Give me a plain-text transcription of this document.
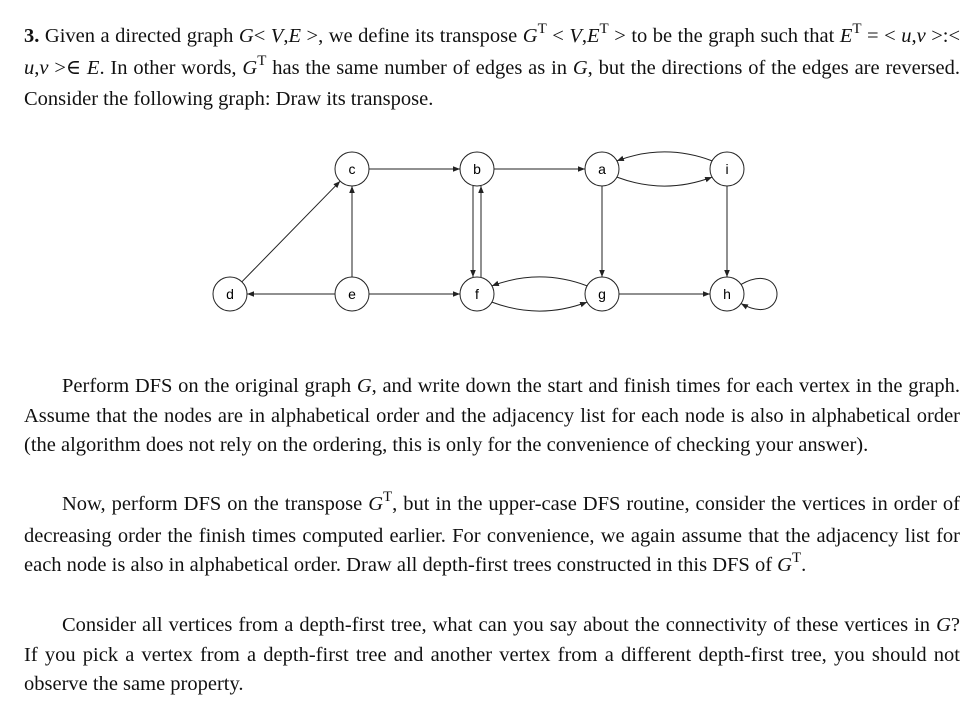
3. Given a directed graph G< V,E >, we define its transpose $G^T < V,E^T$ > to be the graph such that $E^T$ = < u,v >:< u,v >∈ E. In other words, $G^T$ has the same number of edges as in G, but the directions of the edges are reversed. Consider the following graph: Draw its transpose.

c	b	a	i
d	e	f	g	h

Perform DFS on the original graph G, and write down the start and finish times for each vertex in the graph. Assume that the nodes are in alphabetical order and the adjacency list for each node is also in alphabetical order (the algorithm does not rely on the ordering, this is only for the convenience of checking your answer).

Now, perform DFS on the transpose $G^T$, but in the upper-case DFS routine, consider the vertices in order of decreasing order the finish times computed earlier. For convenience, we again assume that the adjacency list for each node is also in alphabetical order. Draw all depth-first trees constructed in this DFS of $G^T$.

Consider all vertices from a depth-first tree, what can you say about the connectivity of these vertices in G? If you pick a vertex from a depth-first tree and another vertex from a different depth-first tree, you should not observe the same property.
